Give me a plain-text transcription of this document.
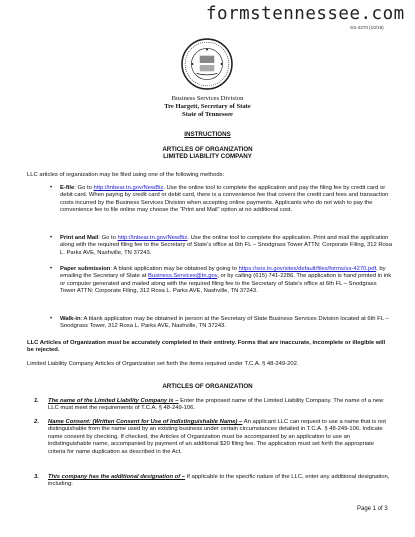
formstennessee.com
SS-4270 (10/19)
Business Services Division
Tre Hargett, Secretary of State
State of Tennessee
INSTRUCTIONS
ARTICLES OF ORGANIZATION
LIMITED LIABILITY COMPANY
LLC articles of organization may be filed using one of the following methods:
• E-file: Go to http://tnbear.tn.gov/NewBiz. Use the online tool to complete the application and pay the filing fee by credit card or debit card. When paying by credit card or debit card, there is a convenience fee that covers the credit card fees and transaction costs incurred by the Business Services Division when accepting online payments. Applicants who do not wish to pay the convenience fee to file online may choose the “Print and Mail” option at no additional cost.
• Print and Mail: Go to http://tnbear.tn.gov/NewBiz. Use the online tool to complete the application. Print and mail the application along with the required filing fee to the Secretary of State’s office at 6th FL – Snodgrass Tower ATTN: Corporate Filing, 312 Rosa L. Parks AVE, Nashville, TN 37243.
• Paper submission: A blank application may be obtained by going to https://sos.tn.gov/sites/default/files/forms/ss-4270.pdf, by emailing the Secretary of State at Business.Services@tn.gov, or by calling (615) 741-2286. The application is hand printed in ink or computer generated and mailed along with the required filing fee to the Secretary of State’s office at 6th FL – Snodgrass Tower ATTN: Corporate Filing, 312 Rosa L. Parks AVE, Nashville, TN 37243.
• Walk-in: A blank application may be obtained in person at the Secretary of State Business Services Division located at 6th FL – Snodgrass Tower, 312 Rosa L. Parks AVE, Nashville, TN 37243.
LLC Articles of Organization must be accurately completed in their entirety. Forms that are inaccurate, incomplete or illegible will be rejected.
Limited Liability Company Articles of Organization set forth the items required under T.C.A. § 48-249-202.
ARTICLES OF ORGANIZATION
1. The name of the Limited Liability Company is – Enter the proposed name of the Limited Liability Company. The name of a new LLC must meet the requirements of T.C.A. § 48-249-106.
2. Name Consent: (Written Consent for Use of Indistinguishable Name) – An applicant LLC can request to use a name that is not distinguishable from the name used by an existing business under certain circumstances detailed in T.C.A. § 48-249-106. Indicate name consent by checking. If checked, the Articles of Organization must be accompanied by an application to use an indistinguishable name, accompanied by payment of an additional $20 filing fee. The application must set forth the appropriate criteria for name duplication as described in the Act.
3. This company has the additional designation of – If applicable to the specific nature of the LLC, enter any additional designation, including:
Page 1 of 3
